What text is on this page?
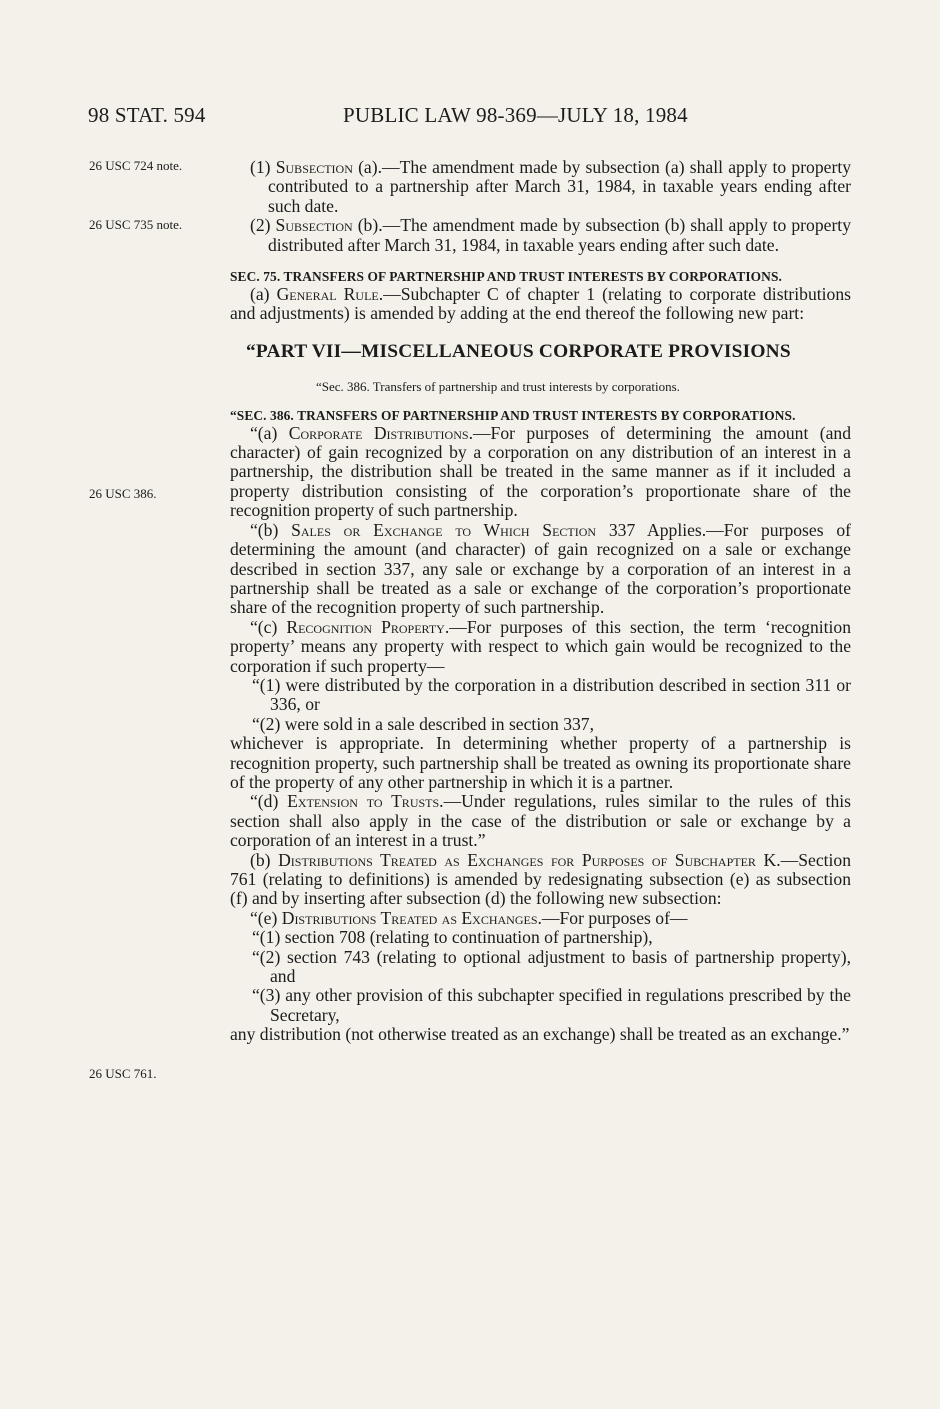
98 STAT. 594	PUBLIC LAW 98-369—JULY 18, 1984
26 USC 724 note.
26 USC 735 note.
26 USC 386.
26 USC 761.

(1) Subsection (a).—The amendment made by subsection (a) shall apply to property contributed to a partnership after March 31, 1984, in taxable years ending after such date.

(2) Subsection (b).—The amendment made by subsection (b) shall apply to property distributed after March 31, 1984, in taxable years ending after such date.

SEC. 75. TRANSFERS OF PARTNERSHIP AND TRUST INTERESTS BY CORPORATIONS.

(a) General Rule.—Subchapter C of chapter 1 (relating to corporate distributions and adjustments) is amended by adding at the end thereof the following new part:

“PART VII—MISCELLANEOUS CORPORATE PROVISIONS

“Sec. 386. Transfers of partnership and trust interests by corporations.

“SEC. 386. TRANSFERS OF PARTNERSHIP AND TRUST INTERESTS BY CORPORATIONS.

“(a) Corporate Distributions.—For purposes of determining the amount (and character) of gain recognized by a corporation on any distribution of an interest in a partnership, the distribution shall be treated in the same manner as if it included a property distribution consisting of the corporation’s proportionate share of the recognition property of such partnership.

“(b) Sales or Exchange to Which Section 337 Applies.—For purposes of determining the amount (and character) of gain recognized on a sale or exchange described in section 337, any sale or exchange by a corporation of an interest in a partnership shall be treated as a sale or exchange of the corporation’s proportionate share of the recognition property of such partnership.

“(c) Recognition Property.—For purposes of this section, the term ‘recognition property’ means any property with respect to which gain would be recognized to the corporation if such property—

“(1) were distributed by the corporation in a distribution described in section 311 or 336, or

“(2) were sold in a sale described in section 337,

whichever is appropriate. In determining whether property of a partnership is recognition property, such partnership shall be treated as owning its proportionate share of the property of any other partnership in which it is a partner.

“(d) Extension to Trusts.—Under regulations, rules similar to the rules of this section shall also apply in the case of the distribution or sale or exchange by a corporation of an interest in a trust.”

(b) Distributions Treated as Exchanges for Purposes of Subchapter K.—Section 761 (relating to definitions) is amended by redesignating subsection (e) as subsection (f) and by inserting after subsection (d) the following new subsection:

“(e) Distributions Treated as Exchanges.—For purposes of—

“(1) section 708 (relating to continuation of partnership),

“(2) section 743 (relating to optional adjustment to basis of partnership property), and

“(3) any other provision of this subchapter specified in regulations prescribed by the Secretary,

any distribution (not otherwise treated as an exchange) shall be treated as an exchange.”
